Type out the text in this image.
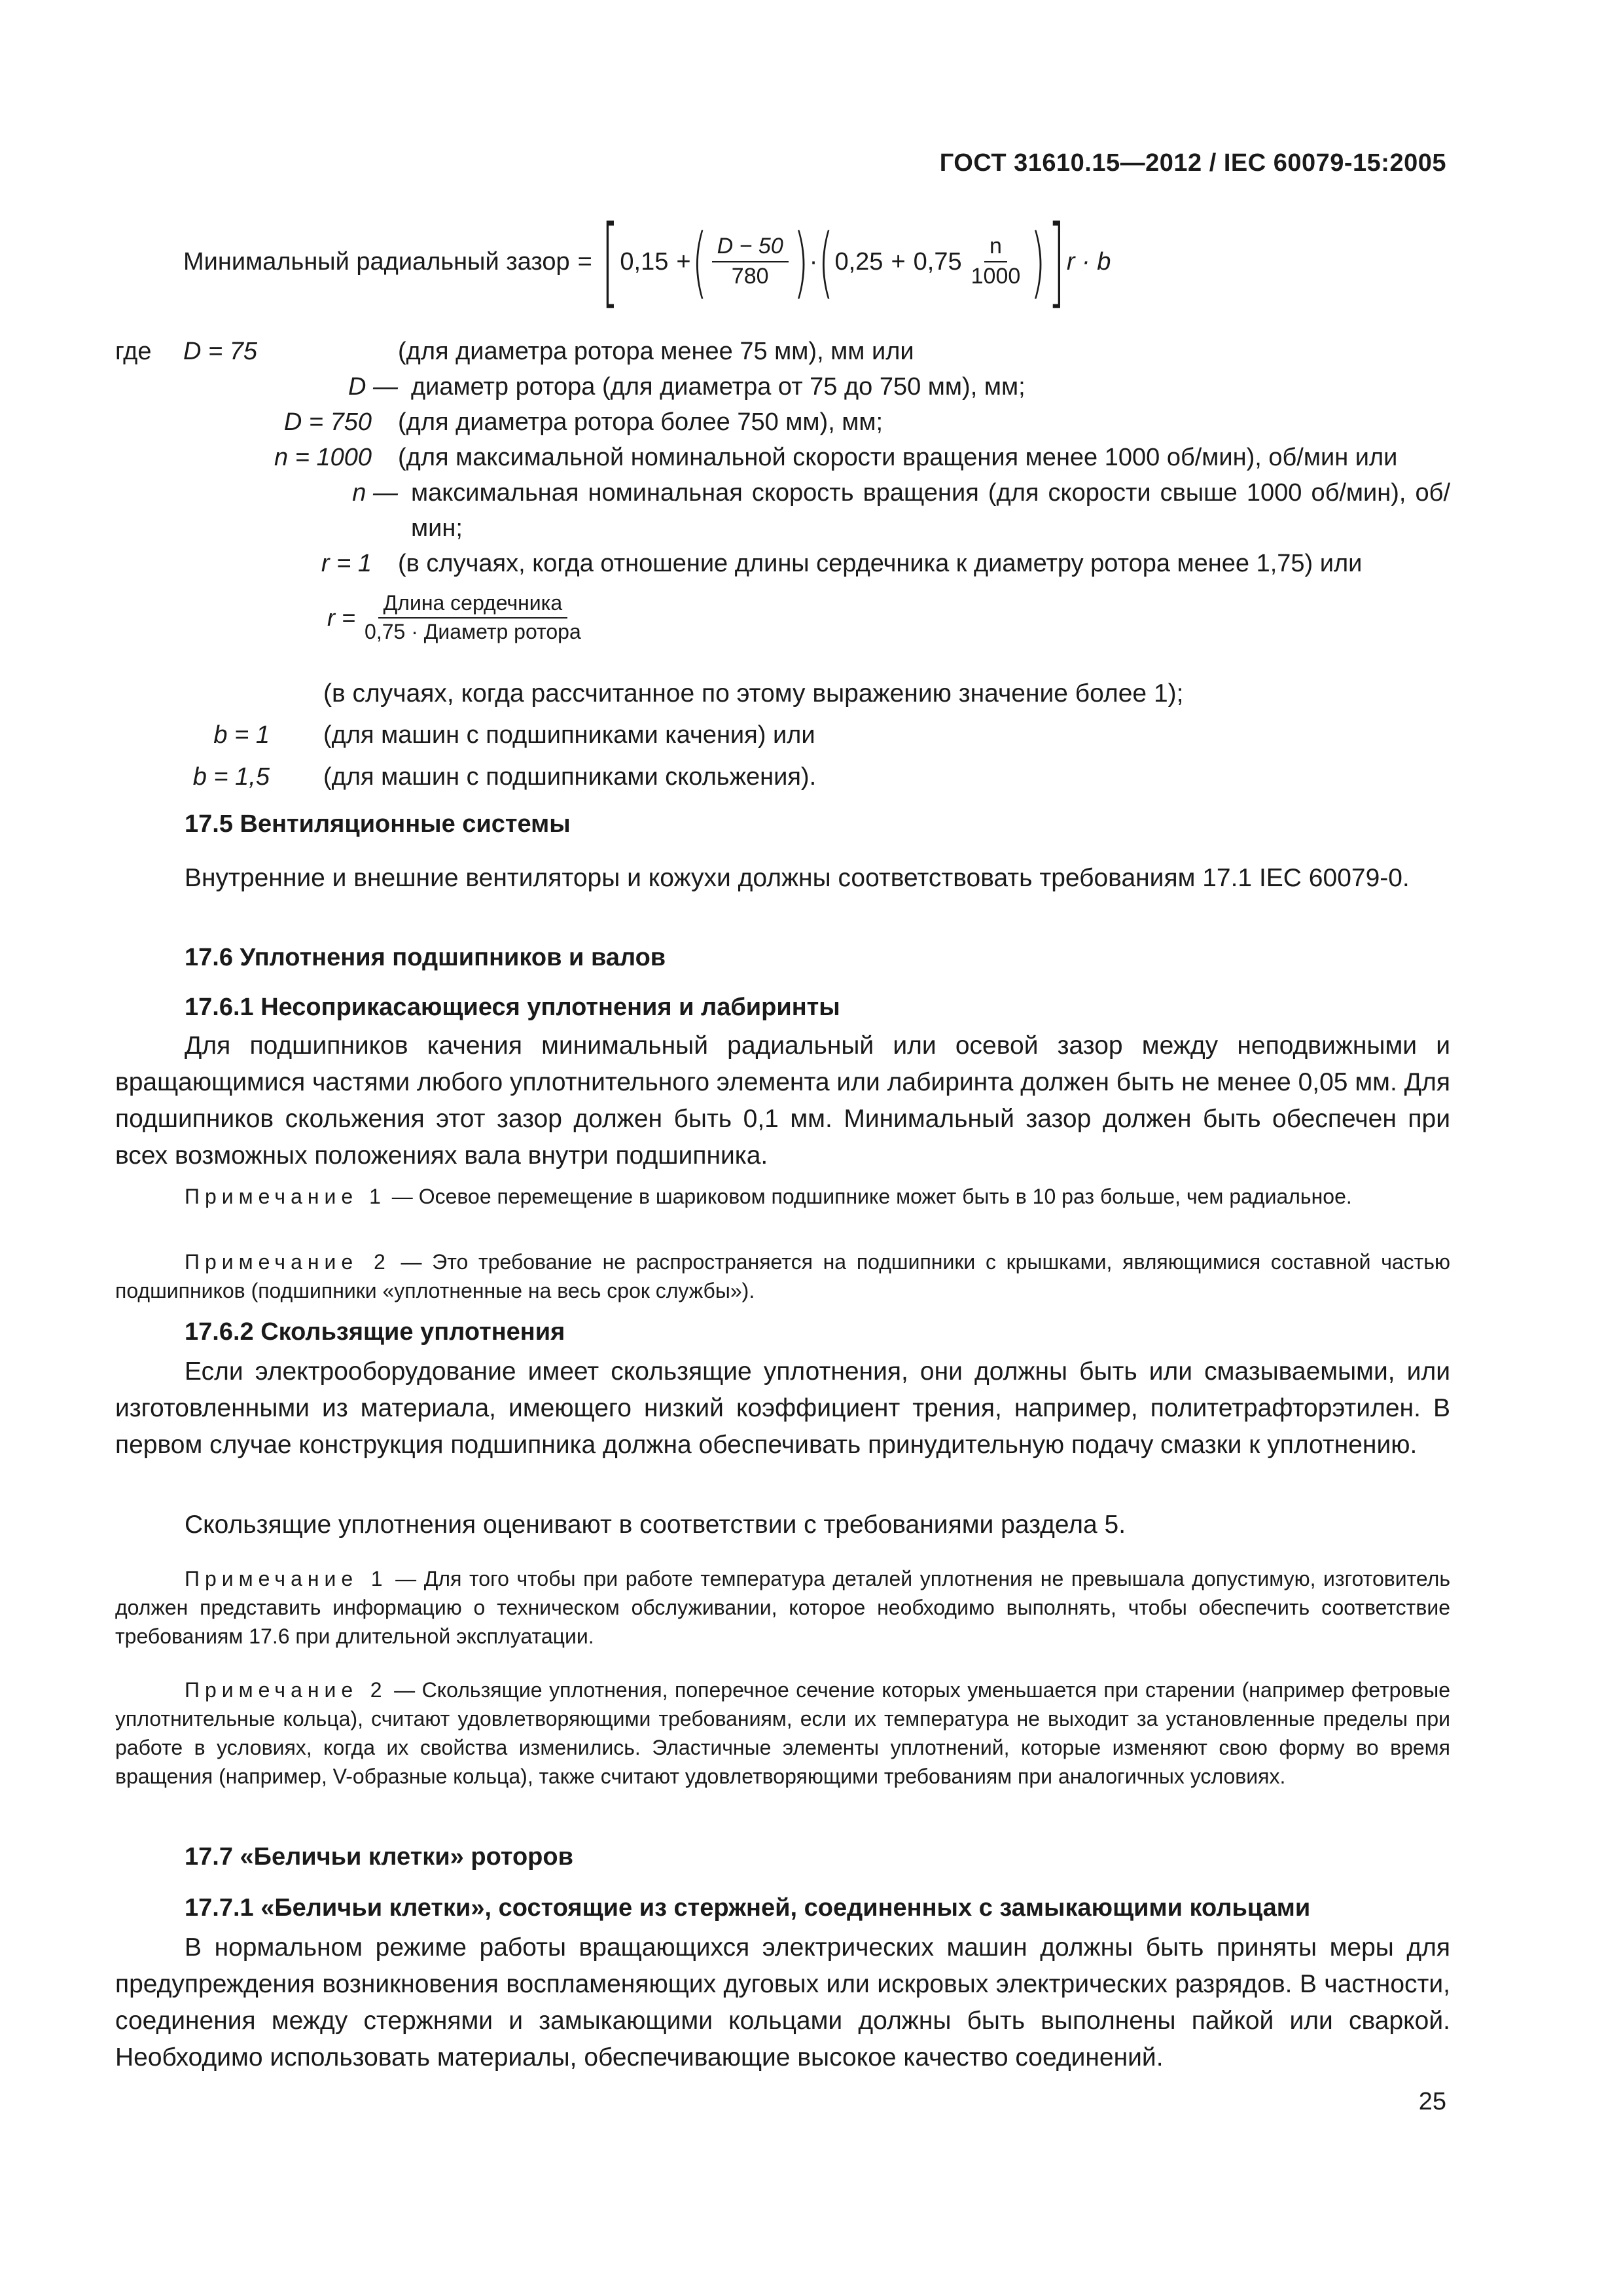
ГОСТ 31610.15—2012 / IEC 60079-15:2005
Минимальный радиальный зазор = [ 0,15 + ( $\frac{D - 50}{780}$ ) · ( $0,25 + 0,75 \frac{n}{1000}$ ) ] r · b
где	D = 75	(для диаметра ротора менее 75 мм), мм или
D — диаметр ротора (для диаметра от 75 до 750 мм), мм;
D = 750	(для диаметра ротора более 750 мм), мм;
n = 1000	(для максимальной номинальной скорости вращения менее 1000 об/мин), об/мин или
n — максимальная номинальная скорость вращения (для скорости свыше 1000 об/мин), об/мин;
r = 1	(в случаях, когда отношение длины сердечника к диаметру ротора менее 1,75) или
$r = \frac{\text{Длина сердечника}}{\text{0,75 · Диаметр ротора}}$
(в случаях, когда рассчитанное по этому выражению значение более 1);
b = 1	(для машин с подшипниками качения) или
b = 1,5	(для машин с подшипниками скольжения).
17.5 Вентиляционные системы
Внутренние и внешние вентиляторы и кожухи должны соответствовать требованиям 17.1 IEC 60079-0.
17.6 Уплотнения подшипников и валов
17.6.1 Несоприкасающиеся уплотнения и лабиринты
Для подшипников качения минимальный радиальный или осевой зазор между неподвижными и вращающимися частями любого уплотнительного элемента или лабиринта должен быть не менее 0,05 мм. Для подшипников скольжения этот зазор должен быть 0,1 мм. Минимальный зазор должен быть обеспечен при всех возможных положениях вала внутри подшипника.
Примечание 1 — Осевое перемещение в шариковом подшипнике может быть в 10 раз больше, чем радиальное.
Примечание 2 — Это требование не распространяется на подшипники с крышками, являющимися составной частью подшипников (подшипники «уплотненные на весь срок службы»).
17.6.2 Скользящие уплотнения
Если электрооборудование имеет скользящие уплотнения, они должны быть или смазываемыми, или изготовленными из материала, имеющего низкий коэффициент трения, например, политетрафторэтилен. В первом случае конструкция подшипника должна обеспечивать принудительную подачу смазки к уплотнению.
Скользящие уплотнения оценивают в соответствии с требованиями раздела 5.
Примечание 1 — Для того чтобы при работе температура деталей уплотнения не превышала допустимую, изготовитель должен представить информацию о техническом обслуживании, которое необходимо выполнять, чтобы обеспечить соответствие требованиям 17.6 при длительной эксплуатации.
Примечание 2 — Скользящие уплотнения, поперечное сечение которых уменьшается при старении (например фетровые уплотнительные кольца), считают удовлетворяющими требованиям, если их температура не выходит за установленные пределы при работе в условиях, когда их свойства изменились. Эластичные элементы уплотнений, которые изменяют свою форму во время вращения (например, V-образные кольца), также считают удовлетворяющими требованиям при аналогичных условиях.
17.7 «Беличьи клетки» роторов
17.7.1 «Беличьи клетки», состоящие из стержней, соединенных с замыкающими кольцами
В нормальном режиме работы вращающихся электрических машин должны быть приняты меры для предупреждения возникновения воспламеняющих дуговых или искровых электрических разрядов. В частности, соединения между стержнями и замыкающими кольцами должны быть выполнены пайкой или сваркой. Необходимо использовать материалы, обеспечивающие высокое качество соединений.
25
